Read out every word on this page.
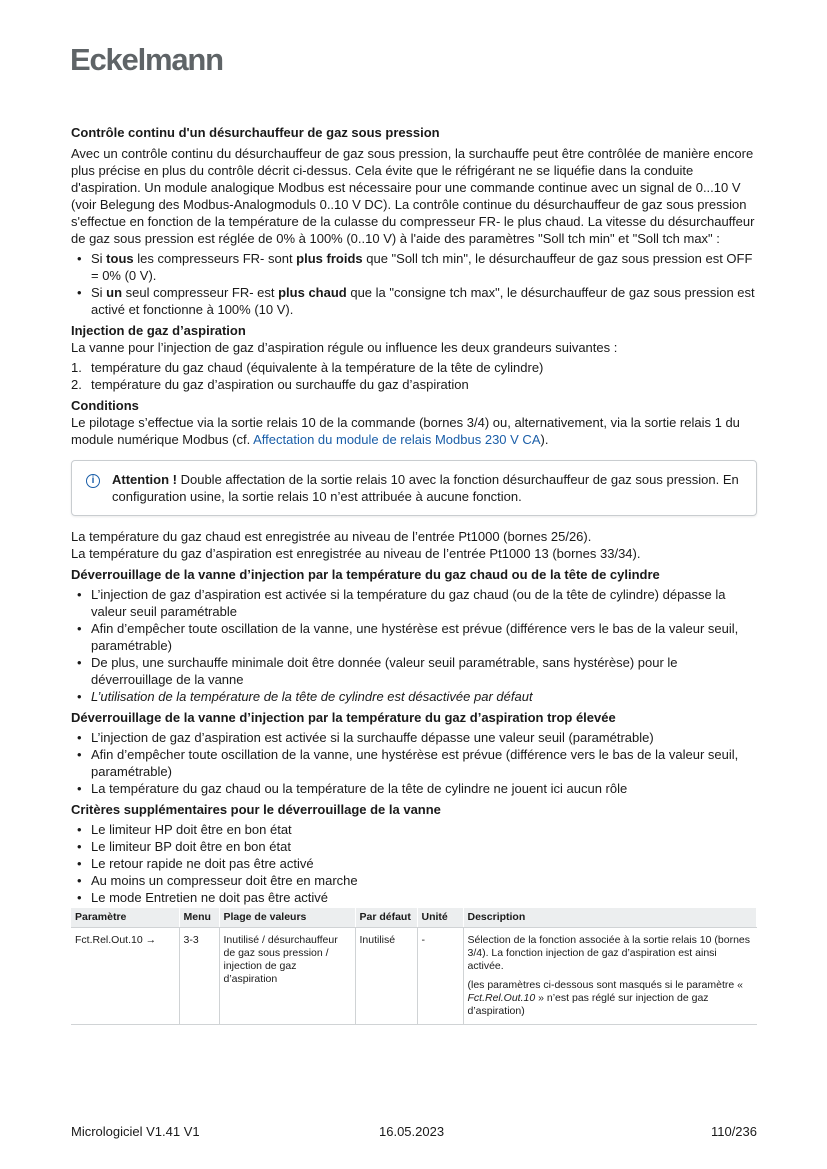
Eckelmann
Contrôle continu d'un désurchauffeur de gaz sous pression

Avec un contrôle continu du désurchauffeur de gaz sous pression, la surchauffe peut être contrôlée de manière encore plus précise en plus du contrôle décrit ci-dessus. Cela évite que le réfrigérant ne se liquéfie dans la conduite d'aspiration. Un module analogique Modbus est nécessaire pour une commande continue avec un signal de 0...10 V (voir Belegung des Modbus-Analogmoduls 0..10 V DC). La contrôle continue du désurchauffeur de gaz sous pression s'effectue en fonction de la température de la culasse du compresseur FR- le plus chaud. La vitesse du désurchauffeur de gaz sous pression est réglée de 0% à 100% (0..10 V) à l'aide des paramètres "Soll tch min" et "Soll tch max" :

• Si tous les compresseurs FR- sont plus froids que "Soll tch min", le désurchauffeur de gaz sous pression est OFF = 0% (0 V).
• Si un seul compresseur FR- est plus chaud que la "consigne tch max", le désurchauffeur de gaz sous pression est activé et fonctionne à 100% (10 V).
Injection de gaz d’aspiration

La vanne pour l’injection de gaz d’aspiration régule ou influence les deux grandeurs suivantes :

1. température du gaz chaud (équivalente à la température de la tête de cylindre)
2. température du gaz d’aspiration ou surchauffe du gaz d’aspiration
Conditions

Le pilotage s’effectue via la sortie relais 10 de la commande (bornes 3/4) ou, alternativement, via la sortie relais 1 du module numérique Modbus (cf. Affectation du module de relais Modbus 230 V CA).

i	Attention ! Double affectation de la sortie relais 10 avec la fonction désurchauffeur de gaz sous pression. En configuration usine, la sortie relais 10 n’est attribuée à aucune fonction.

La température du gaz chaud est enregistrée au niveau de l’entrée Pt1000 (bornes 25/26).

La température du gaz d’aspiration est enregistrée au niveau de l’entrée Pt1000 13 (bornes 33/34).

Déverrouillage de la vanne d’injection par la température du gaz chaud ou de la tête de cylindre
• L’injection de gaz d’aspiration est activée si la température du gaz chaud (ou de la tête de cylindre) dépasse la valeur seuil paramétrable
• Afin d’empêcher toute oscillation de la vanne, une hystérèse est prévue (différence vers le bas de la valeur seuil, paramétrable)
• De plus, une surchauffe minimale doit être donnée (valeur seuil paramétrable, sans hystérèse) pour le déverrouillage de la vanne
• L’utilisation de la température de la tête de cylindre est désactivée par défaut
Déverrouillage de la vanne d’injection par la température du gaz d’aspiration trop élevée
• L’injection de gaz d’aspiration est activée si la surchauffe dépasse une valeur seuil (paramétrable)
• Afin d’empêcher toute oscillation de la vanne, une hystérèse est prévue (différence vers le bas de la valeur seuil, paramétrable)
• La température du gaz chaud ou la température de la tête de cylindre ne jouent ici aucun rôle
Critères supplémentaires pour le déverrouillage de la vanne
• Le limiteur HP doit être en bon état
• Le limiteur BP doit être en bon état
• Le retour rapide ne doit pas être activé
• Au moins un compresseur doit être en marche
• Le mode Entretien ne doit pas être activé
Paramètre	Menu	Plage de valeurs	Par défaut	Unité	Description
Fct.Rel.Out.10 →	3-3	Inutilisé / désurchauffeur de gaz sous pression / injection de gaz d’aspiration	Inutilisé	-	Sélection de la fonction associée à la sortie relais 10 (bornes 3/4). La fonction injection de gaz d’aspiration est ainsi activée.

(les paramètres ci-dessous sont masqués si le paramètre « Fct.Rel.Out.10 » n’est pas réglé sur injection de gaz d’aspiration)

Micrologiciel V1.41 V1	16.05.2023	110/236
